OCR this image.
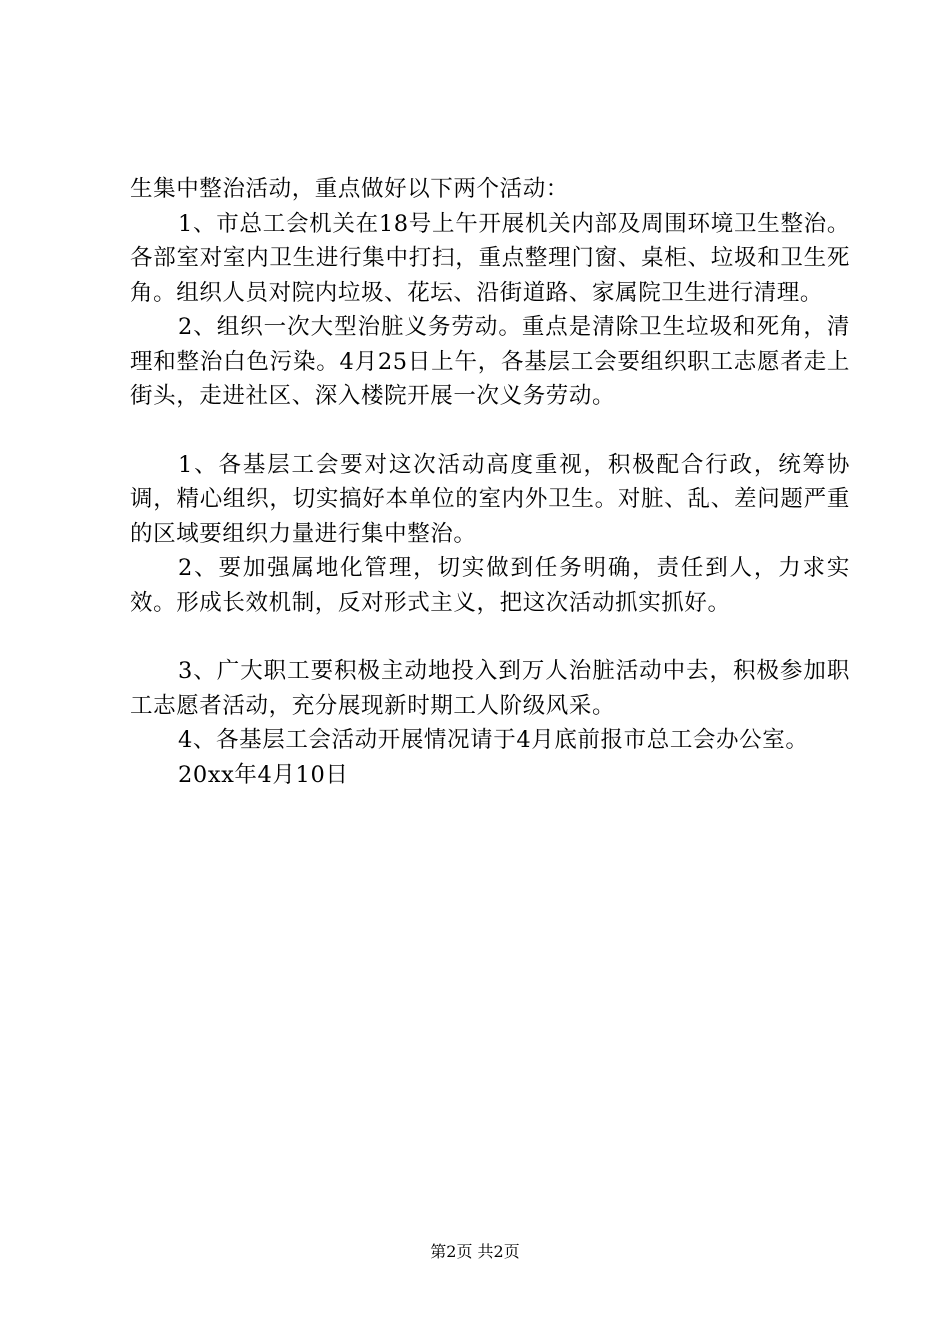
生集中整治活动，重点做好以下两个活动：

1、市总工会机关在18号上午开展机关内部及周围环境卫生整治。各部室对室内卫生进行集中打扫，重点整理门窗、桌柜、垃圾和卫生死角。组织人员对院内垃圾、花坛、沿街道路、家属院卫生进行清理。

2、组织一次大型治脏义务劳动。重点是清除卫生垃圾和死角，清理和整治白色污染。4月25日上午，各基层工会要组织职工志愿者走上街头，走进社区、深入楼院开展一次义务劳动。

1、各基层工会要对这次活动高度重视，积极配合行政，统筹协调，精心组织，切实搞好本单位的室内外卫生。对脏、乱、差问题严重的区域要组织力量进行集中整治。

2、要加强属地化管理，切实做到任务明确，责任到人，力求实效。形成长效机制，反对形式主义，把这次活动抓实抓好。

3、广大职工要积极主动地投入到万人治脏活动中去，积极参加职工志愿者活动，充分展现新时期工人阶级风采。

4、各基层工会活动开展情况请于4月底前报市总工会办公室。

20xx年4月10日

第2页 共2页
